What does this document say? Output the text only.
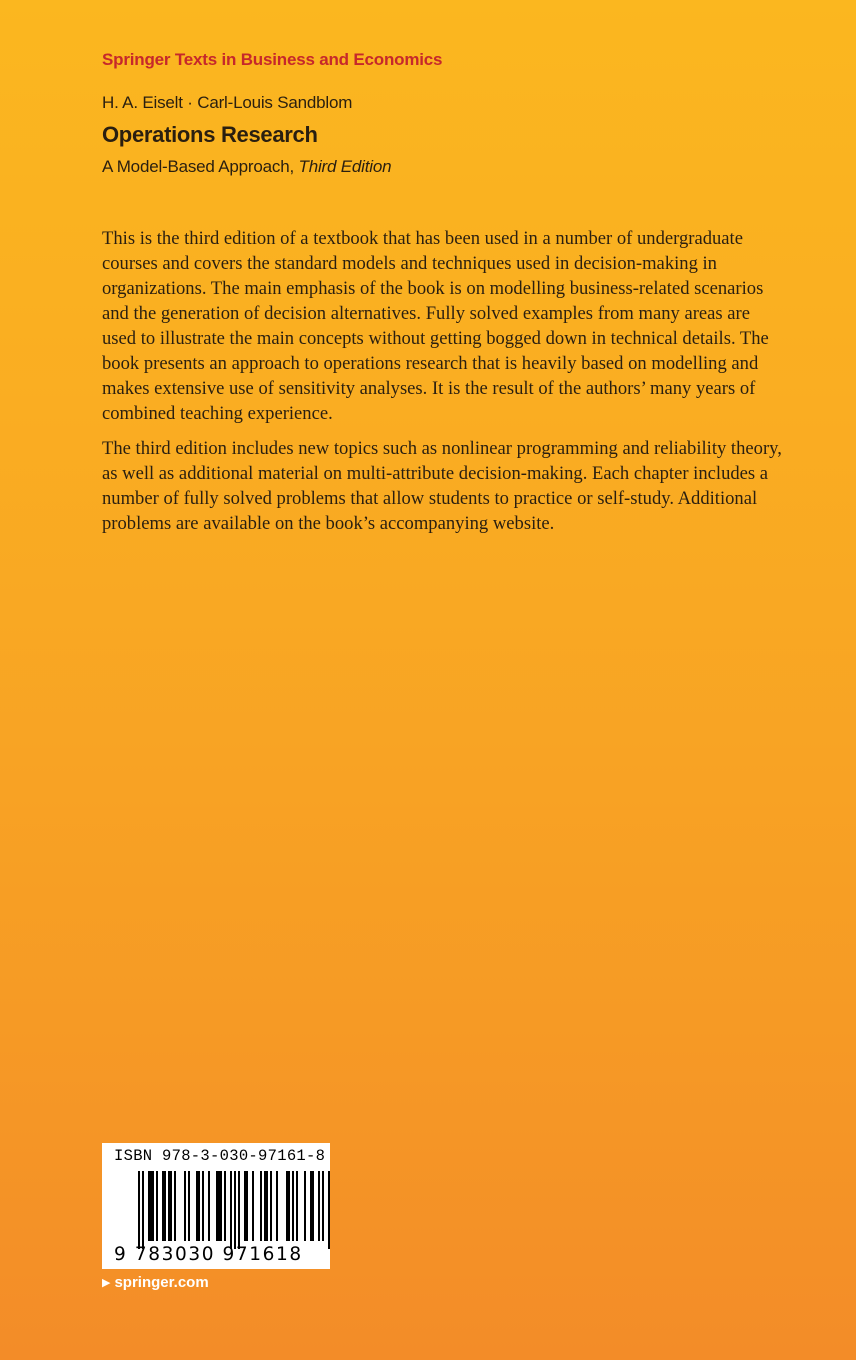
Springer Texts in Business and Economics
H. A. Eiselt · Carl-Louis Sandblom
Operations Research
A Model-Based Approach, Third Edition

This is the third edition of a textbook that has been used in a number of undergraduate courses and covers the standard models and techniques used in decision-making in organizations. The main emphasis of the book is on modelling business-related scenarios and the generation of decision alternatives. Fully solved examples from many areas are used to illustrate the main concepts without getting bogged down in technical details. The book presents an approach to operations research that is heavily based on modelling and makes extensive use of sensitivity analyses. It is the result of the authors’ many years of combined teaching experience.

The third edition includes new topics such as nonlinear programming and reliability theory, as well as additional material on multi-attribute decision-making. Each chapter includes a number of fully solved problems that allow students to practice or self-study. Additional problems are available on the book’s accompanying website.

ISBN 978-3-030-97161-8
9 783030 971618
▶ springer.com
